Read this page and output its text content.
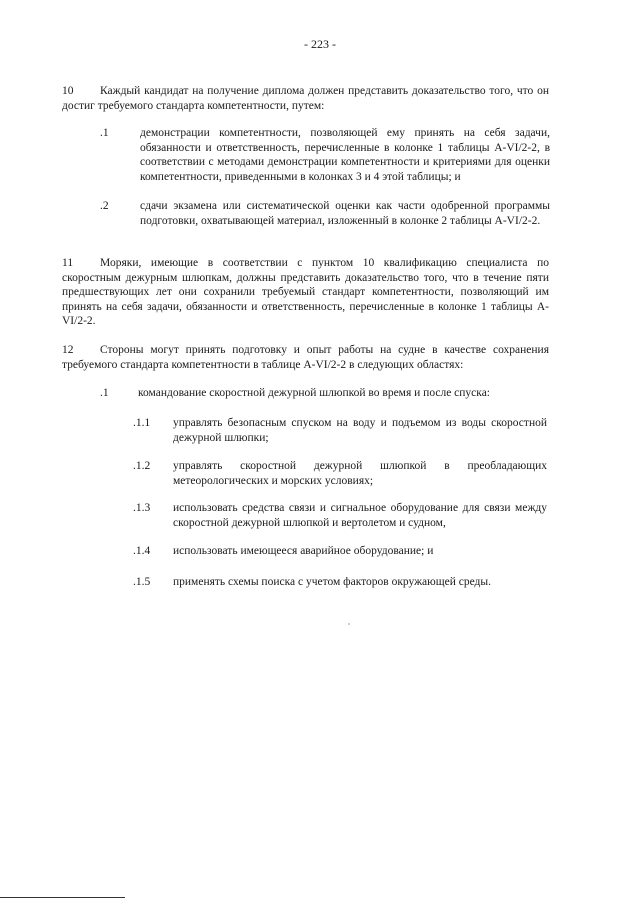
- 223 -
10 Каждый кандидат на получение диплома должен представить доказательство того, что он достиг требуемого стандарта компетентности, путем:
.1	демонстрации компетентности, позволяющей ему принять на себя задачи, обязанности и ответственность, перечисленные в колонке 1 таблицы A-VI/2-2, в соответствии с методами демонстрации компетентности и критериями для оценки компетентности, приведенными в колонках 3 и 4 этой таблицы; и
.2	сдачи экзамена или систематической оценки как части одобренной программы подготовки, охватывающей материал, изложенный в колонке 2 таблицы A-VI/2-2.
11 Моряки, имеющие в соответствии с пунктом 10 квалификацию специалиста по скоростным дежурным шлюпкам, должны представить доказательство того, что в течение пяти предшествующих лет они сохранили требуемый стандарт компетентности, позволяющий им принять на себя задачи, обязанности и ответственность, перечисленные в колонке 1 таблицы A-VI/2-2.
12 Стороны могут принять подготовку и опыт работы на судне в качестве сохранения требуемого стандарта компетентности в таблице A-VI/2-2 в следующих областях:
.1	командование скоростной дежурной шлюпкой во время и после спуска:
.1.1 управлять безопасным спуском на воду и подъемом из воды скоростной дежурной шлюпки;
.1.2 управлять скоростной дежурной шлюпкой в преобладающих метеорологических и морских условиях;
.1.3 использовать средства связи и сигнальное оборудование для связи между скоростной дежурной шлюпкой и вертолетом и судном,
.1.4 использовать имеющееся аварийное оборудование; и
.1.5 применять схемы поиска с учетом факторов окружающей среды.
